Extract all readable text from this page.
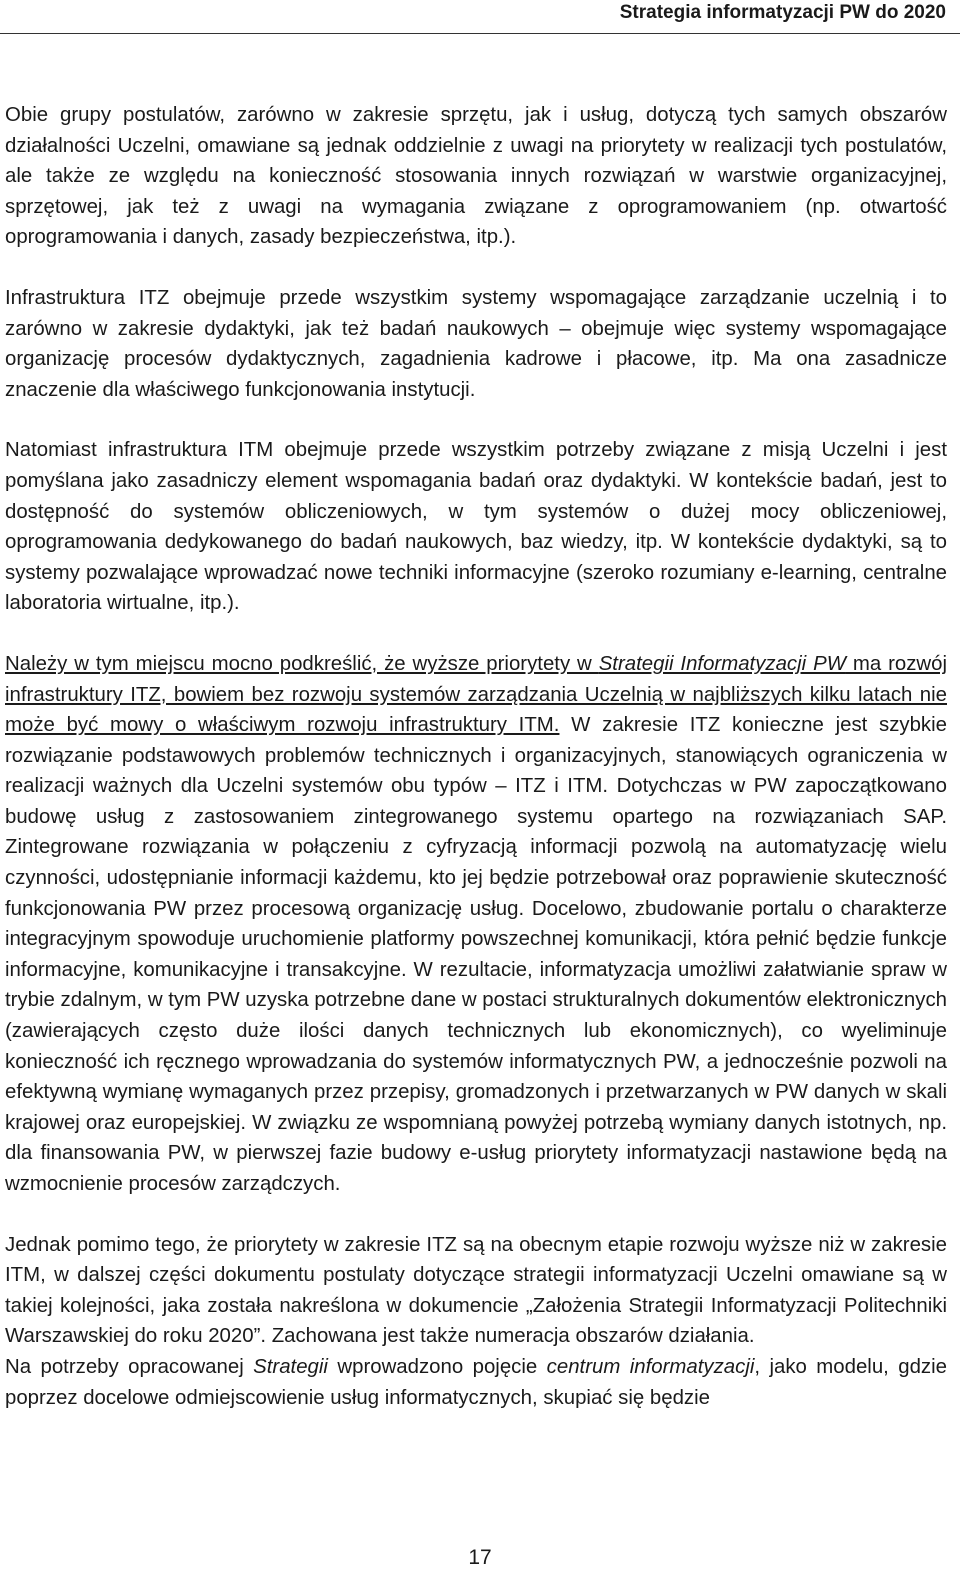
Strategia informatyzacji PW do 2020

Obie grupy postulatów, zarówno w zakresie sprzętu, jak i usług, dotyczą tych samych obszarów działalności Uczelni, omawiane są jednak oddzielnie z uwagi na priorytety w realizacji tych postulatów, ale także ze względu na konieczność stosowania innych rozwiązań w warstwie organizacyjnej, sprzętowej, jak też z uwagi na wymagania związane z oprogramowaniem (np. otwartość oprogramowania i danych, zasady bezpieczeństwa, itp.).

Infrastruktura ITZ obejmuje przede wszystkim systemy wspomagające zarządzanie uczelnią i to zarówno w zakresie dydaktyki, jak też badań naukowych – obejmuje więc systemy wspomagające organizację procesów dydaktycznych, zagadnienia kadrowe i płacowe, itp. Ma ona zasadnicze znaczenie dla właściwego funkcjonowania instytucji.

Natomiast infrastruktura ITM obejmuje przede wszystkim potrzeby związane z misją Uczelni i jest pomyślana jako zasadniczy element wspomagania badań oraz dydaktyki. W kontekście badań, jest to dostępność do systemów obliczeniowych, w tym systemów o dużej mocy obliczeniowej, oprogramowania dedykowanego do badań naukowych, baz wiedzy, itp. W kontekście dydaktyki, są to systemy pozwalające wprowadzać nowe techniki informacyjne (szeroko rozumiany e-learning, centralne laboratoria wirtualne, itp.).

Należy w tym miejscu mocno podkreślić, że wyższe priorytety w Strategii Informatyzacji PW ma rozwój infrastruktury ITZ, bowiem bez rozwoju systemów zarządzania Uczelnią w najbliższych kilku latach nie może być mowy o właściwym rozwoju infrastruktury ITM. W zakresie ITZ konieczne jest szybkie rozwiązanie podstawowych problemów technicznych i organizacyjnych, stanowiących ograniczenia w realizacji ważnych dla Uczelni systemów obu typów – ITZ i ITM. Dotychczas w PW zapoczątkowano budowę usług z zastosowaniem zintegrowanego systemu opartego na rozwiązaniach SAP. Zintegrowane rozwiązania w połączeniu z cyfryzacją informacji pozwolą na automatyzację wielu czynności, udostępnianie informacji każdemu, kto jej będzie potrzebował oraz poprawienie skuteczność funkcjonowania PW przez procesową organizację usług. Docelowo, zbudowanie portalu o charakterze integracyjnym spowoduje uruchomienie platformy powszechnej komunikacji, która pełnić będzie funkcje informacyjne, komunikacyjne i transakcyjne. W rezultacie, informatyzacja umożliwi załatwianie spraw w trybie zdalnym, w tym PW uzyska potrzebne dane w postaci strukturalnych dokumentów elektronicznych (zawierających często duże ilości danych technicznych lub ekonomicznych), co wyeliminuje konieczność ich ręcznego wprowadzania do systemów informatycznych PW, a jednocześnie pozwoli na efektywną wymianę wymaganych przez przepisy, gromadzonych i przetwarzanych w PW danych w skali krajowej oraz europejskiej. W związku ze wspomnianą powyżej potrzebą wymiany danych istotnych, np. dla finansowania PW, w pierwszej fazie budowy e-usług priorytety informatyzacji nastawione będą na wzmocnienie procesów zarządczych.

Jednak pomimo tego, że priorytety w zakresie ITZ są na obecnym etapie rozwoju wyższe niż w zakresie ITM, w dalszej części dokumentu postulaty dotyczące strategii informatyzacji Uczelni omawiane są w takiej kolejności, jaka została nakreślona w dokumencie „Założenia Strategii Informatyzacji Politechniki Warszawskiej do roku 2020”. Zachowana jest także numeracja obszarów działania.

Na potrzeby opracowanej Strategii wprowadzono pojęcie centrum informatyzacji, jako modelu, gdzie poprzez docelowe odmiejscowienie usług informatycznych, skupiać się będzie

17
